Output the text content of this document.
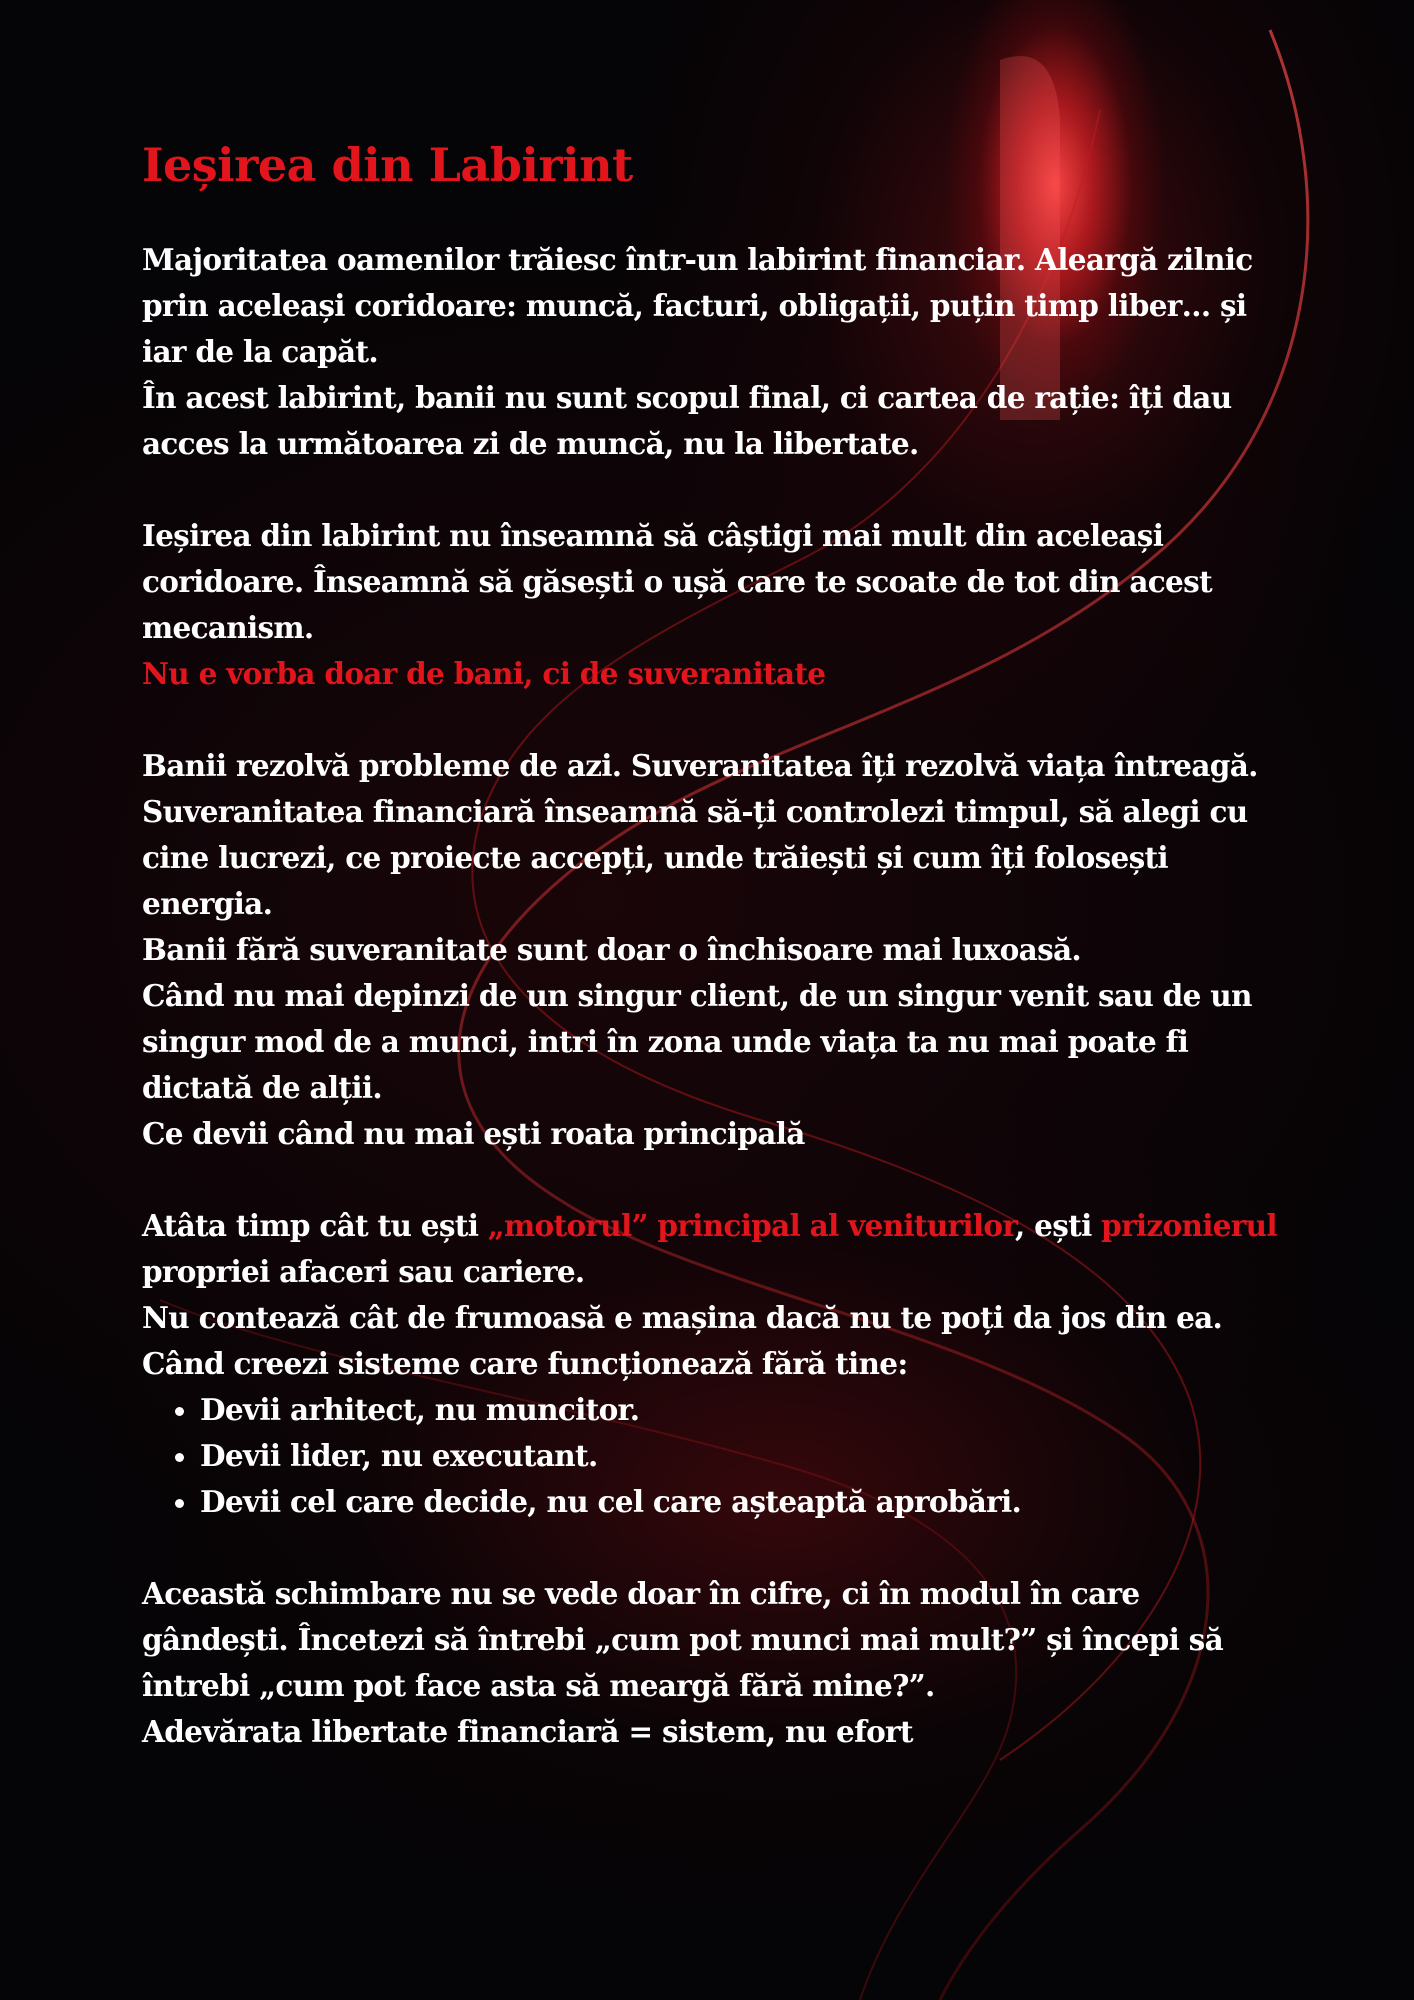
Ieșirea din Labirint

Majoritatea oamenilor trăiesc într-un labirint financiar. Aleargă zilnic prin aceleași coridoare: muncă, facturi, obligații, puțin timp liber… și iar de la capăt.

În acest labirint, banii nu sunt scopul final, ci cartea de rație: îți dau acces la următoarea zi de muncă, nu la libertate.

Ieșirea din labirint nu înseamnă să câștigi mai mult din aceleași coridoare. Înseamnă să găsești o ușă care te scoate de tot din acest mecanism.

Nu e vorba doar de bani, ci de suveranitate

Banii rezolvă probleme de azi. Suveranitatea îți rezolvă viața întreagă.

Suveranitatea financiară înseamnă să-ți controlezi timpul, să alegi cu cine lucrezi, ce proiecte accepți, unde trăiești și cum îți folosești energia.

Banii fără suveranitate sunt doar o închisoare mai luxoasă.

Când nu mai depinzi de un singur client, de un singur venit sau de un singur mod de a munci, intri în zona unde viața ta nu mai poate fi dictată de alții.

Ce devii când nu mai ești roata principală

Atâta timp cât tu ești „motorul” principal al veniturilor, ești prizonierul propriei afaceri sau cariere.

Nu contează cât de frumoasă e mașina dacă nu te poți da jos din ea.

Când creezi sisteme care funcționează fără tine:

• Devii arhitect, nu muncitor.
• Devii lider, nu executant.
• Devii cel care decide, nu cel care așteaptă aprobări.

Această schimbare nu se vede doar în cifre, ci în modul în care gândești. Încetezi să întrebi „cum pot munci mai mult?” și începi să întrebi „cum pot face asta să meargă fără mine?”.

Adevărata libertate financiară = sistem, nu efort
